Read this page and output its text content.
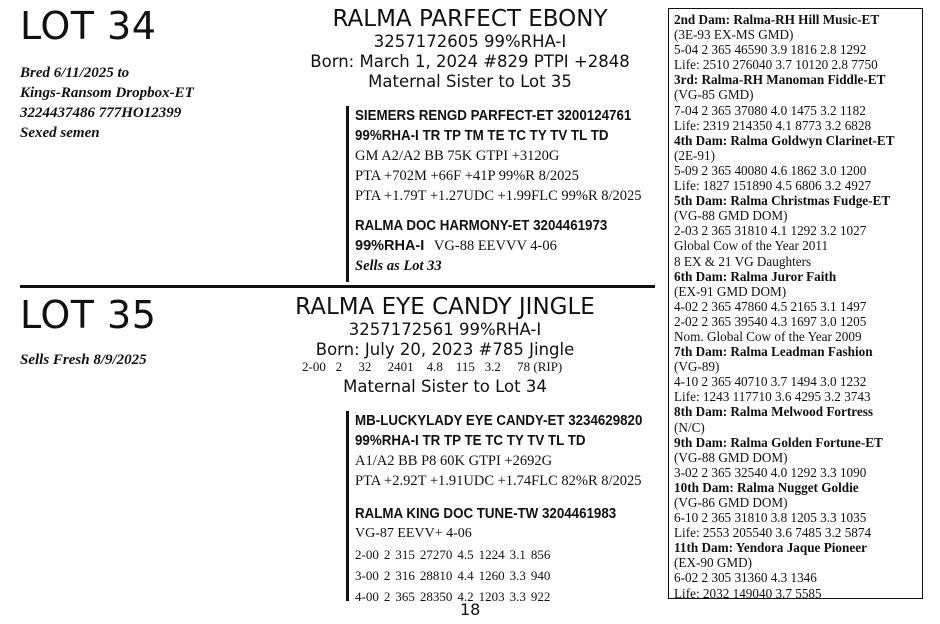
LOT 34
Bred 6/11/2025 to
Kings-Ransom Dropbox-ET
3224437486 777HO12399
Sexed semen
RALMA PARFECT EBONY
3257172605 99%RHA-I
Born: March 1, 2024 #829 PTPI +2848
Maternal Sister to Lot 35
SIEMERS RENGD PARFECT-ET 3200124761
99%RHA-I TR TP TM TE TC TY TV TL TD
GM A2/A2 BB 75K GTPI +3120G
PTA +702M +66F +41P 99%R 8/2025
PTA +1.79T +1.27UDC +1.99FLC 99%R 8/2025
RALMA DOC HARMONY-ET 3204461973
99%RHA-I VG-88 EEVVV 4-06
Sells as Lot 33
LOT 35
Sells Fresh 8/9/2025
RALMA EYE CANDY JINGLE
3257172561 99%RHA-I
Born: July 20, 2023 #785 Jingle
2-00 2 32 2401 4.8 115 3.2 78 (RIP)
Maternal Sister to Lot 34
MB-LUCKYLADY EYE CANDY-ET 3234629820
99%RHA-I TR TP TE TC TY TV TL TD
A1/A2 BB P8 60K GTPI +2692G
PTA +2.92T +1.91UDC +1.74FLC 82%R 8/2025
RALMA KING DOC TUNE-TW 3204461983
VG-87 EEVV+ 4-06
2-00	2	315	27270	4.5	1224	3.1	856
3-00	2	316	28810	4.4	1260	3.3	940
4-00	2	365	28350	4.2	1203	3.3	922
2nd Dam: Ralma-RH Hill Music-ET
(3E-93 EX-MS GMD)
5-04 2 365 46590 3.9 1816 2.8 1292
Life: 2510 276040 3.7 10120 2.8 7750
3rd: Ralma-RH Manoman Fiddle-ET
(VG-85 GMD)
7-04 2 365 37080 4.0 1475 3.2 1182
Life: 2319 214350 4.1 8773 3.2 6828
4th Dam: Ralma Goldwyn Clarinet-ET
(2E-91)
5-09 2 365 40080 4.6 1862 3.0 1200
Life: 1827 151890 4.5 6806 3.2 4927
5th Dam: Ralma Christmas Fudge-ET
(VG-88 GMD DOM)
2-03 2 365 31810 4.1 1292 3.2 1027
Global Cow of the Year 2011
8 EX & 21 VG Daughters
6th Dam: Ralma Juror Faith
(EX-91 GMD DOM)
4-02 2 365 47860 4.5 2165 3.1 1497
2-02 2 365 39540 4.3 1697 3.0 1205
Nom. Global Cow of the Year 2009
7th Dam: Ralma Leadman Fashion
(VG-89)
4-10 2 365 40710 3.7 1494 3.0 1232
Life: 1243 117710 3.6 4295 3.2 3743
8th Dam: Ralma Melwood Fortress
(N/C)
9th Dam: Ralma Golden Fortune-ET
(VG-88 GMD DOM)
3-02 2 365 32540 4.0 1292 3.3 1090
10th Dam: Ralma Nugget Goldie
(VG-86 GMD DOM)
6-10 2 365 31810 3.8 1205 3.3 1035
Life: 2553 205540 3.6 7485 3.2 5874
11th Dam: Yendora Jaque Pioneer
(EX-90 GMD)
6-02 2 305 31360 4.3 1346
Life: 2032 149040 3.7 5585
18
